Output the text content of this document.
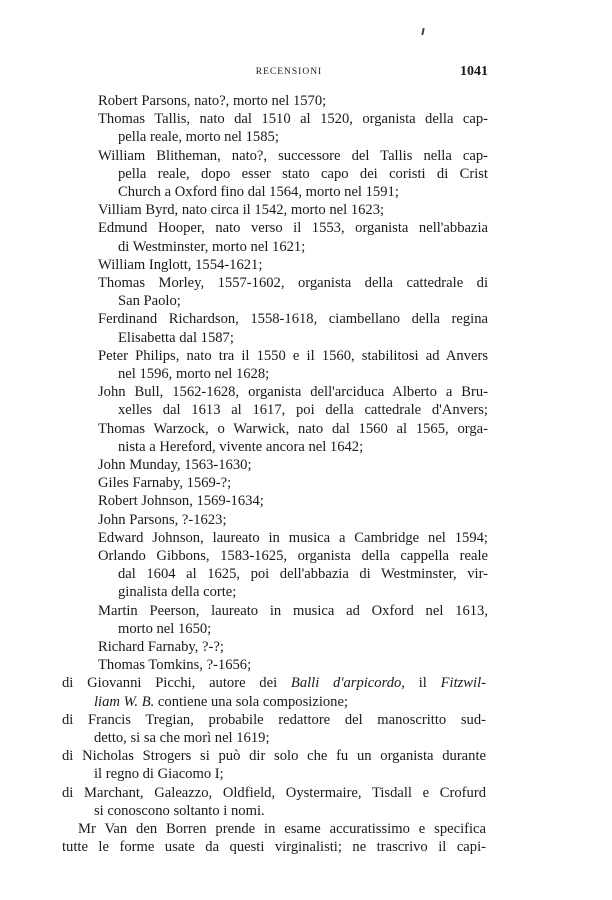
RECENSIONI	1041
Robert Parsons, nato?, morto nel 1570;
Thomas Tallis, nato dal 1510 al 1520, organista della cap-
pella reale, morto nel 1585;
William Blitheman, nato?, successore del Tallis nella cap-
pella reale, dopo esser stato capo dei coristi di Crist
Church a Oxford fino dal 1564, morto nel 1591;
Villiam Byrd, nato circa il 1542, morto nel 1623;
Edmund Hooper, nato verso il 1553, organista nell'abbazia
di Westminster, morto nel 1621;
William Inglott, 1554-1621;
Thomas Morley, 1557-1602, organista della cattedrale di
San Paolo;
Ferdinand Richardson, 1558-1618, ciambellano della regina
Elisabetta dal 1587;
Peter Philips, nato tra il 1550 e il 1560, stabilitosi ad Anvers
nel 1596, morto nel 1628;
John Bull, 1562-1628, organista dell'arciduca Alberto a Bru-
xelles dal 1613 al 1617, poi della cattedrale d'Anvers;
Thomas Warzock, o Warwick, nato dal 1560 al 1565, orga-
nista a Hereford, vivente ancora nel 1642;
John Munday, 1563-1630;
Giles Farnaby, 1569-?;
Robert Johnson, 1569-1634;
John Parsons, ?-1623;
Edward Johnson, laureato in musica a Cambridge nel 1594;
Orlando Gibbons, 1583-1625, organista della cappella reale
dal 1604 al 1625, poi dell'abbazia di Westminster, vir-
ginalista della corte;
Martin Peerson, laureato in musica ad Oxford nel 1613,
morto nel 1650;
Richard Farnaby, ?-?;
Thomas Tomkins, ?-1656;
di Giovanni Picchi, autore dei Balli d'arpicordo, il Fitzwil-
liam W. B. contiene una sola composizione;
di Francis Tregian, probabile redattore del manoscritto sud-
detto, si sa che morì nel 1619;
di Nicholas Strogers si può dir solo che fu un organista durante
il regno di Giacomo I;
di Marchant, Galeazzo, Oldfield, Oystermaire, Tisdall e Crofurd
si conoscono soltanto i nomi.
Mr Van den Borren prende in esame accuratissimo e specifica
tutte le forme usate da questi virginalisti; ne trascrivo il capi-
